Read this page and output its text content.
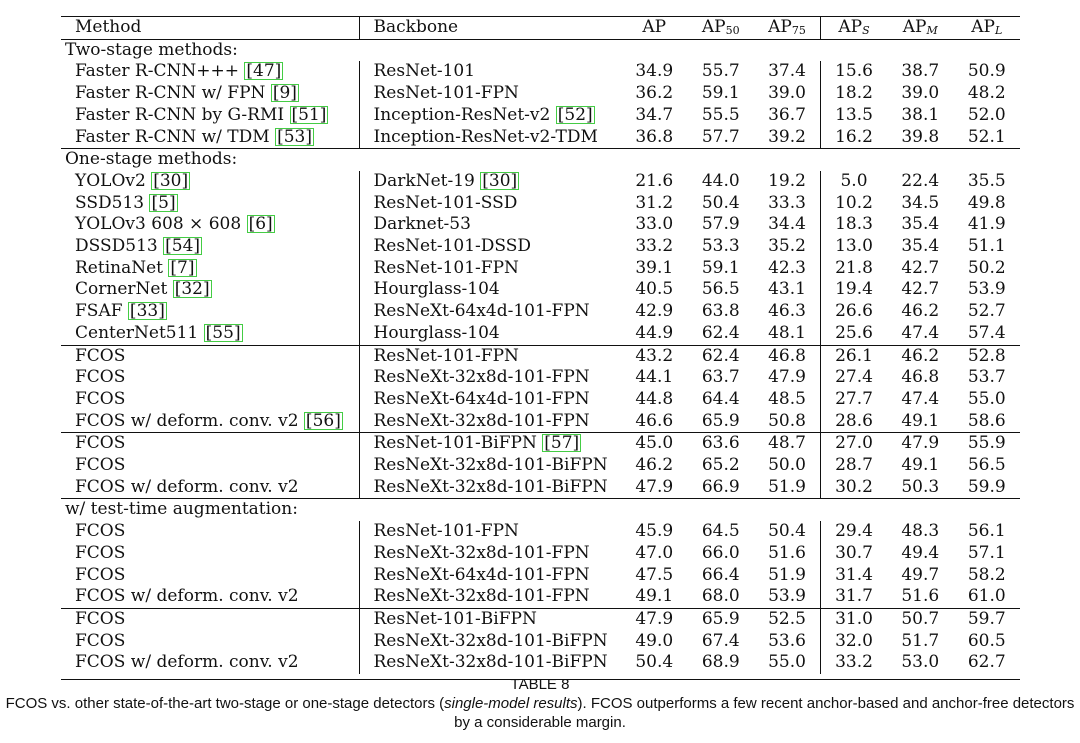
Method	Backbone	AP	$AP_{50}$	$AP_{75}$	$AP_S$	$AP_M$	$AP_L$
Two-stage methods:							
Faster R-CNN+++ [47]	ResNet-101	34.9	55.7	37.4	15.6	38.7	50.9
Faster R-CNN w/ FPN [9]	ResNet-101-FPN	36.2	59.1	39.0	18.2	39.0	48.2
Faster R-CNN by G-RMI [51]	Inception-ResNet-v2 [52]	34.7	55.5	36.7	13.5	38.1	52.0
Faster R-CNN w/ TDM [53]	Inception-ResNet-v2-TDM	36.8	57.7	39.2	16.2	39.8	52.1
One-stage methods:							
YOLOv2 [30]	DarkNet-19 [30]	21.6	44.0	19.2	5.0	22.4	35.5
SSD513 [5]	ResNet-101-SSD	31.2	50.4	33.3	10.2	34.5	49.8
YOLOv3 608 × 608 [6]	Darknet-53	33.0	57.9	34.4	18.3	35.4	41.9
DSSD513 [54]	ResNet-101-DSSD	33.2	53.3	35.2	13.0	35.4	51.1
RetinaNet [7]	ResNet-101-FPN	39.1	59.1	42.3	21.8	42.7	50.2
CornerNet [32]	Hourglass-104	40.5	56.5	43.1	19.4	42.7	53.9
FSAF [33]	ResNeXt-64x4d-101-FPN	42.9	63.8	46.3	26.6	46.2	52.7
CenterNet511 [55]	Hourglass-104	44.9	62.4	48.1	25.6	47.4	57.4
FCOS	ResNet-101-FPN	43.2	62.4	46.8	26.1	46.2	52.8
FCOS	ResNeXt-32x8d-101-FPN	44.1	63.7	47.9	27.4	46.8	53.7
FCOS	ResNeXt-64x4d-101-FPN	44.8	64.4	48.5	27.7	47.4	55.0
FCOS w/ deform. conv. v2 [56]	ResNeXt-32x8d-101-FPN	46.6	65.9	50.8	28.6	49.1	58.6
FCOS	ResNet-101-BiFPN [57]	45.0	63.6	48.7	27.0	47.9	55.9
FCOS	ResNeXt-32x8d-101-BiFPN	46.2	65.2	50.0	28.7	49.1	56.5
FCOS w/ deform. conv. v2	ResNeXt-32x8d-101-BiFPN	47.9	66.9	51.9	30.2	50.3	59.9
w/ test-time augmentation:							
FCOS	ResNet-101-FPN	45.9	64.5	50.4	29.4	48.3	56.1
FCOS	ResNeXt-32x8d-101-FPN	47.0	66.0	51.6	30.7	49.4	57.1
FCOS	ResNeXt-64x4d-101-FPN	47.5	66.4	51.9	31.4	49.7	58.2
FCOS w/ deform. conv. v2	ResNeXt-32x8d-101-FPN	49.1	68.0	53.9	31.7	51.6	61.0
FCOS	ResNet-101-BiFPN	47.9	65.9	52.5	31.0	50.7	59.7
FCOS	ResNeXt-32x8d-101-BiFPN	49.0	67.4	53.6	32.0	51.7	60.5
FCOS w/ deform. conv. v2	ResNeXt-32x8d-101-BiFPN	50.4	68.9	55.0	33.2	53.0	62.7
TABLE 8
FCOS vs. other state-of-the-art two-stage or one-stage detectors (single-model results). FCOS outperforms a few recent anchor-based and anchor-free detectors by a considerable margin.
